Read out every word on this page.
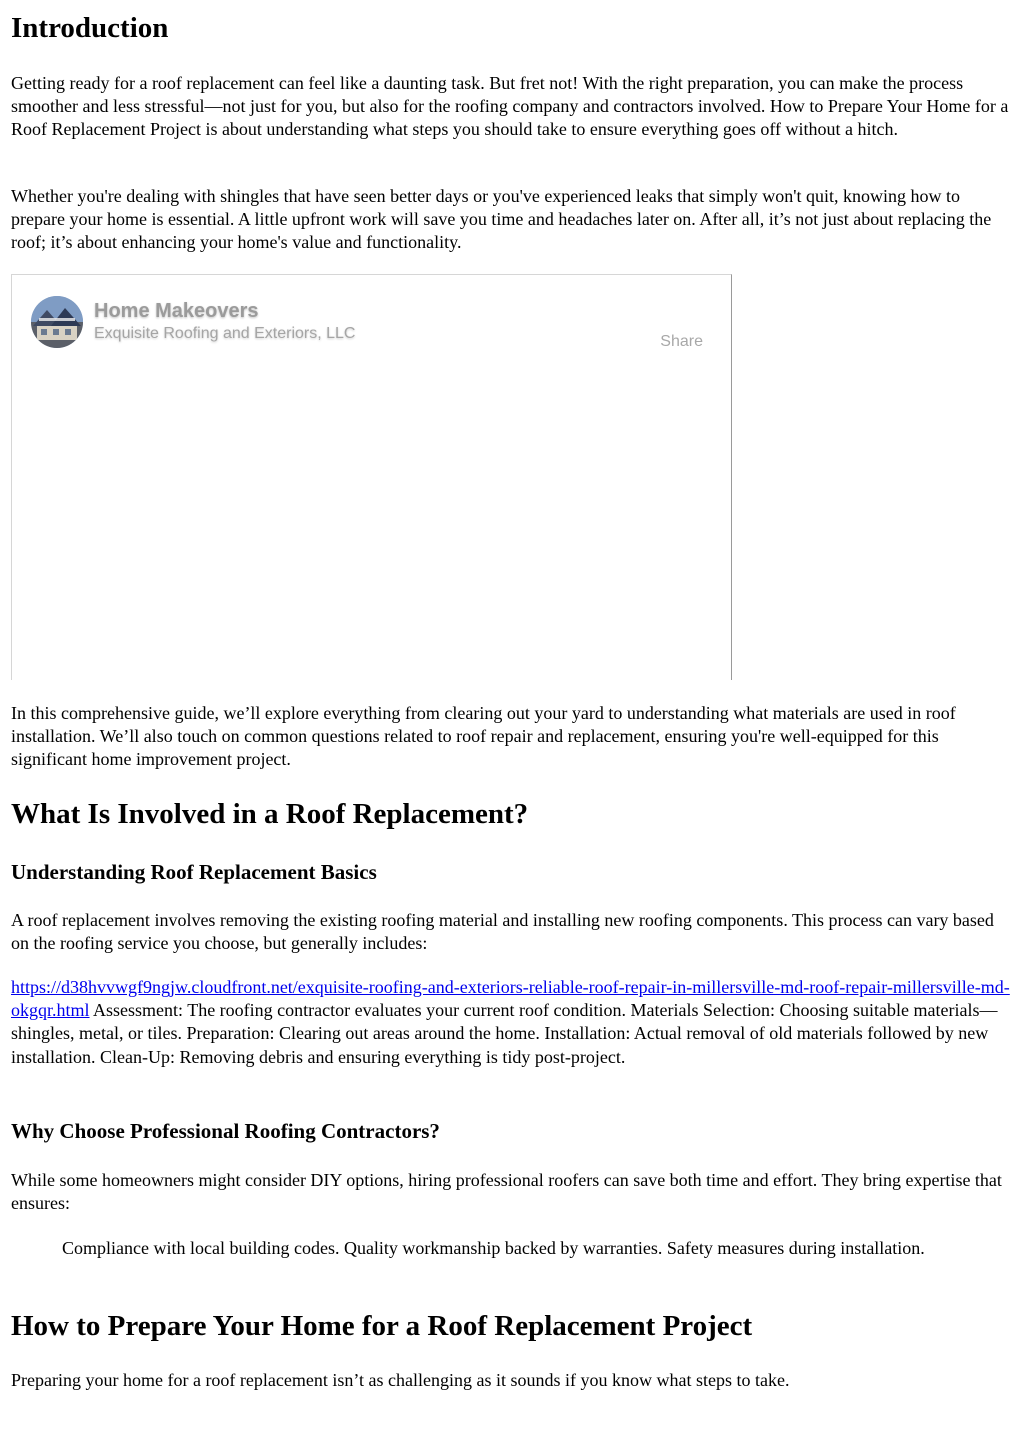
Introduction

Getting ready for a roof replacement can feel like a daunting task. But fret not! With the right preparation, you can make the process smoother and less stressful—not just for you, but also for the roofing company and contractors involved. How to Prepare Your Home for a Roof Replacement Project is about understanding what steps you should take to ensure everything goes off without a hitch.

Whether you're dealing with shingles that have seen better days or you've experienced leaks that simply won't quit, knowing how to prepare your home is essential. A little upfront work will save you time and headaches later on. After all, it’s not just about replacing the roof; it’s about enhancing your home's value and functionality.

Home Makeovers
Exquisite Roofing and Exteriors, LLC	Share

In this comprehensive guide, we’ll explore everything from clearing out your yard to understanding what materials are used in roof installation. We’ll also touch on common questions related to roof repair and replacement, ensuring you're well-equipped for this significant home improvement project.

What Is Involved in a Roof Replacement?
Understanding Roof Replacement Basics

A roof replacement involves removing the existing roofing material and installing new roofing components. This process can vary based on the roofing service you choose, but generally includes:

https://d38hvvwgf9ngjw.cloudfront.net/exquisite-roofing-and-exteriors-reliable-roof-repair-in-millersville-md-roof-repair-millersville-md-okgqr.html Assessment: The roofing contractor evaluates your current roof condition. Materials Selection: Choosing suitable materials—shingles, metal, or tiles. Preparation: Clearing out areas around the home. Installation: Actual removal of old materials followed by new installation. Clean-Up: Removing debris and ensuring everything is tidy post-project.

Why Choose Professional Roofing Contractors?

While some homeowners might consider DIY options, hiring professional roofers can save both time and effort. They bring expertise that ensures:

Compliance with local building codes. Quality workmanship backed by warranties. Safety measures during installation.
How to Prepare Your Home for a Roof Replacement Project

Preparing your home for a roof replacement isn’t as challenging as it sounds if you know what steps to take.
